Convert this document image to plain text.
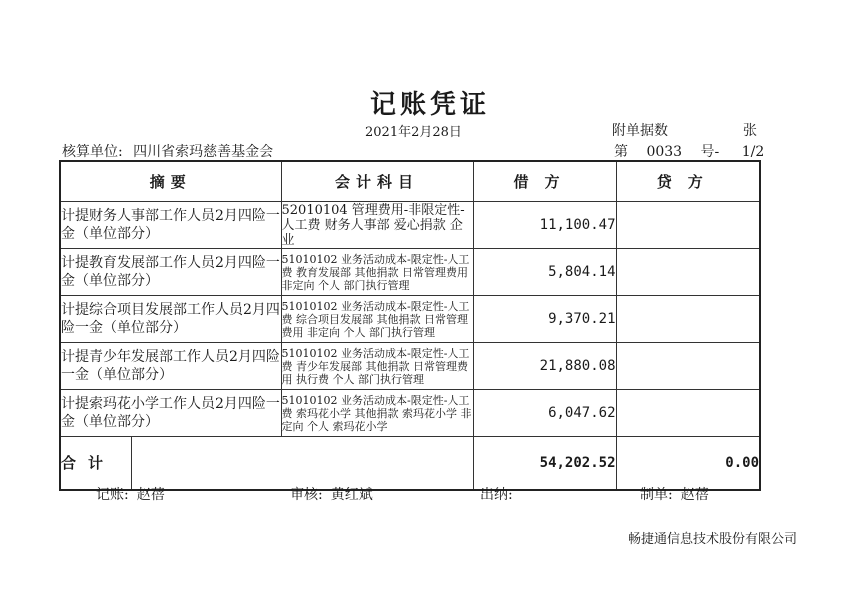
记账凭证
2021年2月28日	附单据数	张
核算单位: 四川省索玛慈善基金会	第 0033 号- 1/2
摘要	会计科目	借方	贷方
计提财务人事部工作人员2月四险一金（单位部分）	52010104 管理费用-非限定性-人工费 财务人事部 爱心捐款 企业	11,100.47	
计提教育发展部工作人员2月四险一金（单位部分）	51010102 业务活动成本-限定性-人工费 教育发展部 其他捐款 日常管理费用 非定向 个人 部门执行管理	5,804.14	
计提综合项目发展部工作人员2月四险一金（单位部分）	51010102 业务活动成本-限定性-人工费 综合项目发展部 其他捐款 日常管理费用 非定向 个人 部门执行管理	9,370.21	
计提青少年发展部工作人员2月四险一金（单位部分）	51010102 业务活动成本-限定性-人工费 青少年发展部 其他捐款 日常管理费用 执行费 个人 部门执行管理	21,880.08	
计提索玛花小学工作人员2月四险一金（单位部分）	51010102 业务活动成本-限定性-人工费 索玛花小学 其他捐款 索玛花小学 非定向 个人 索玛花小学	6,047.62	
合计		54,202.52	0.00
记账: 赵蓓	审核: 黄红斌	出纳:	制单: 赵蓓
畅捷通信息技术股份有限公司
